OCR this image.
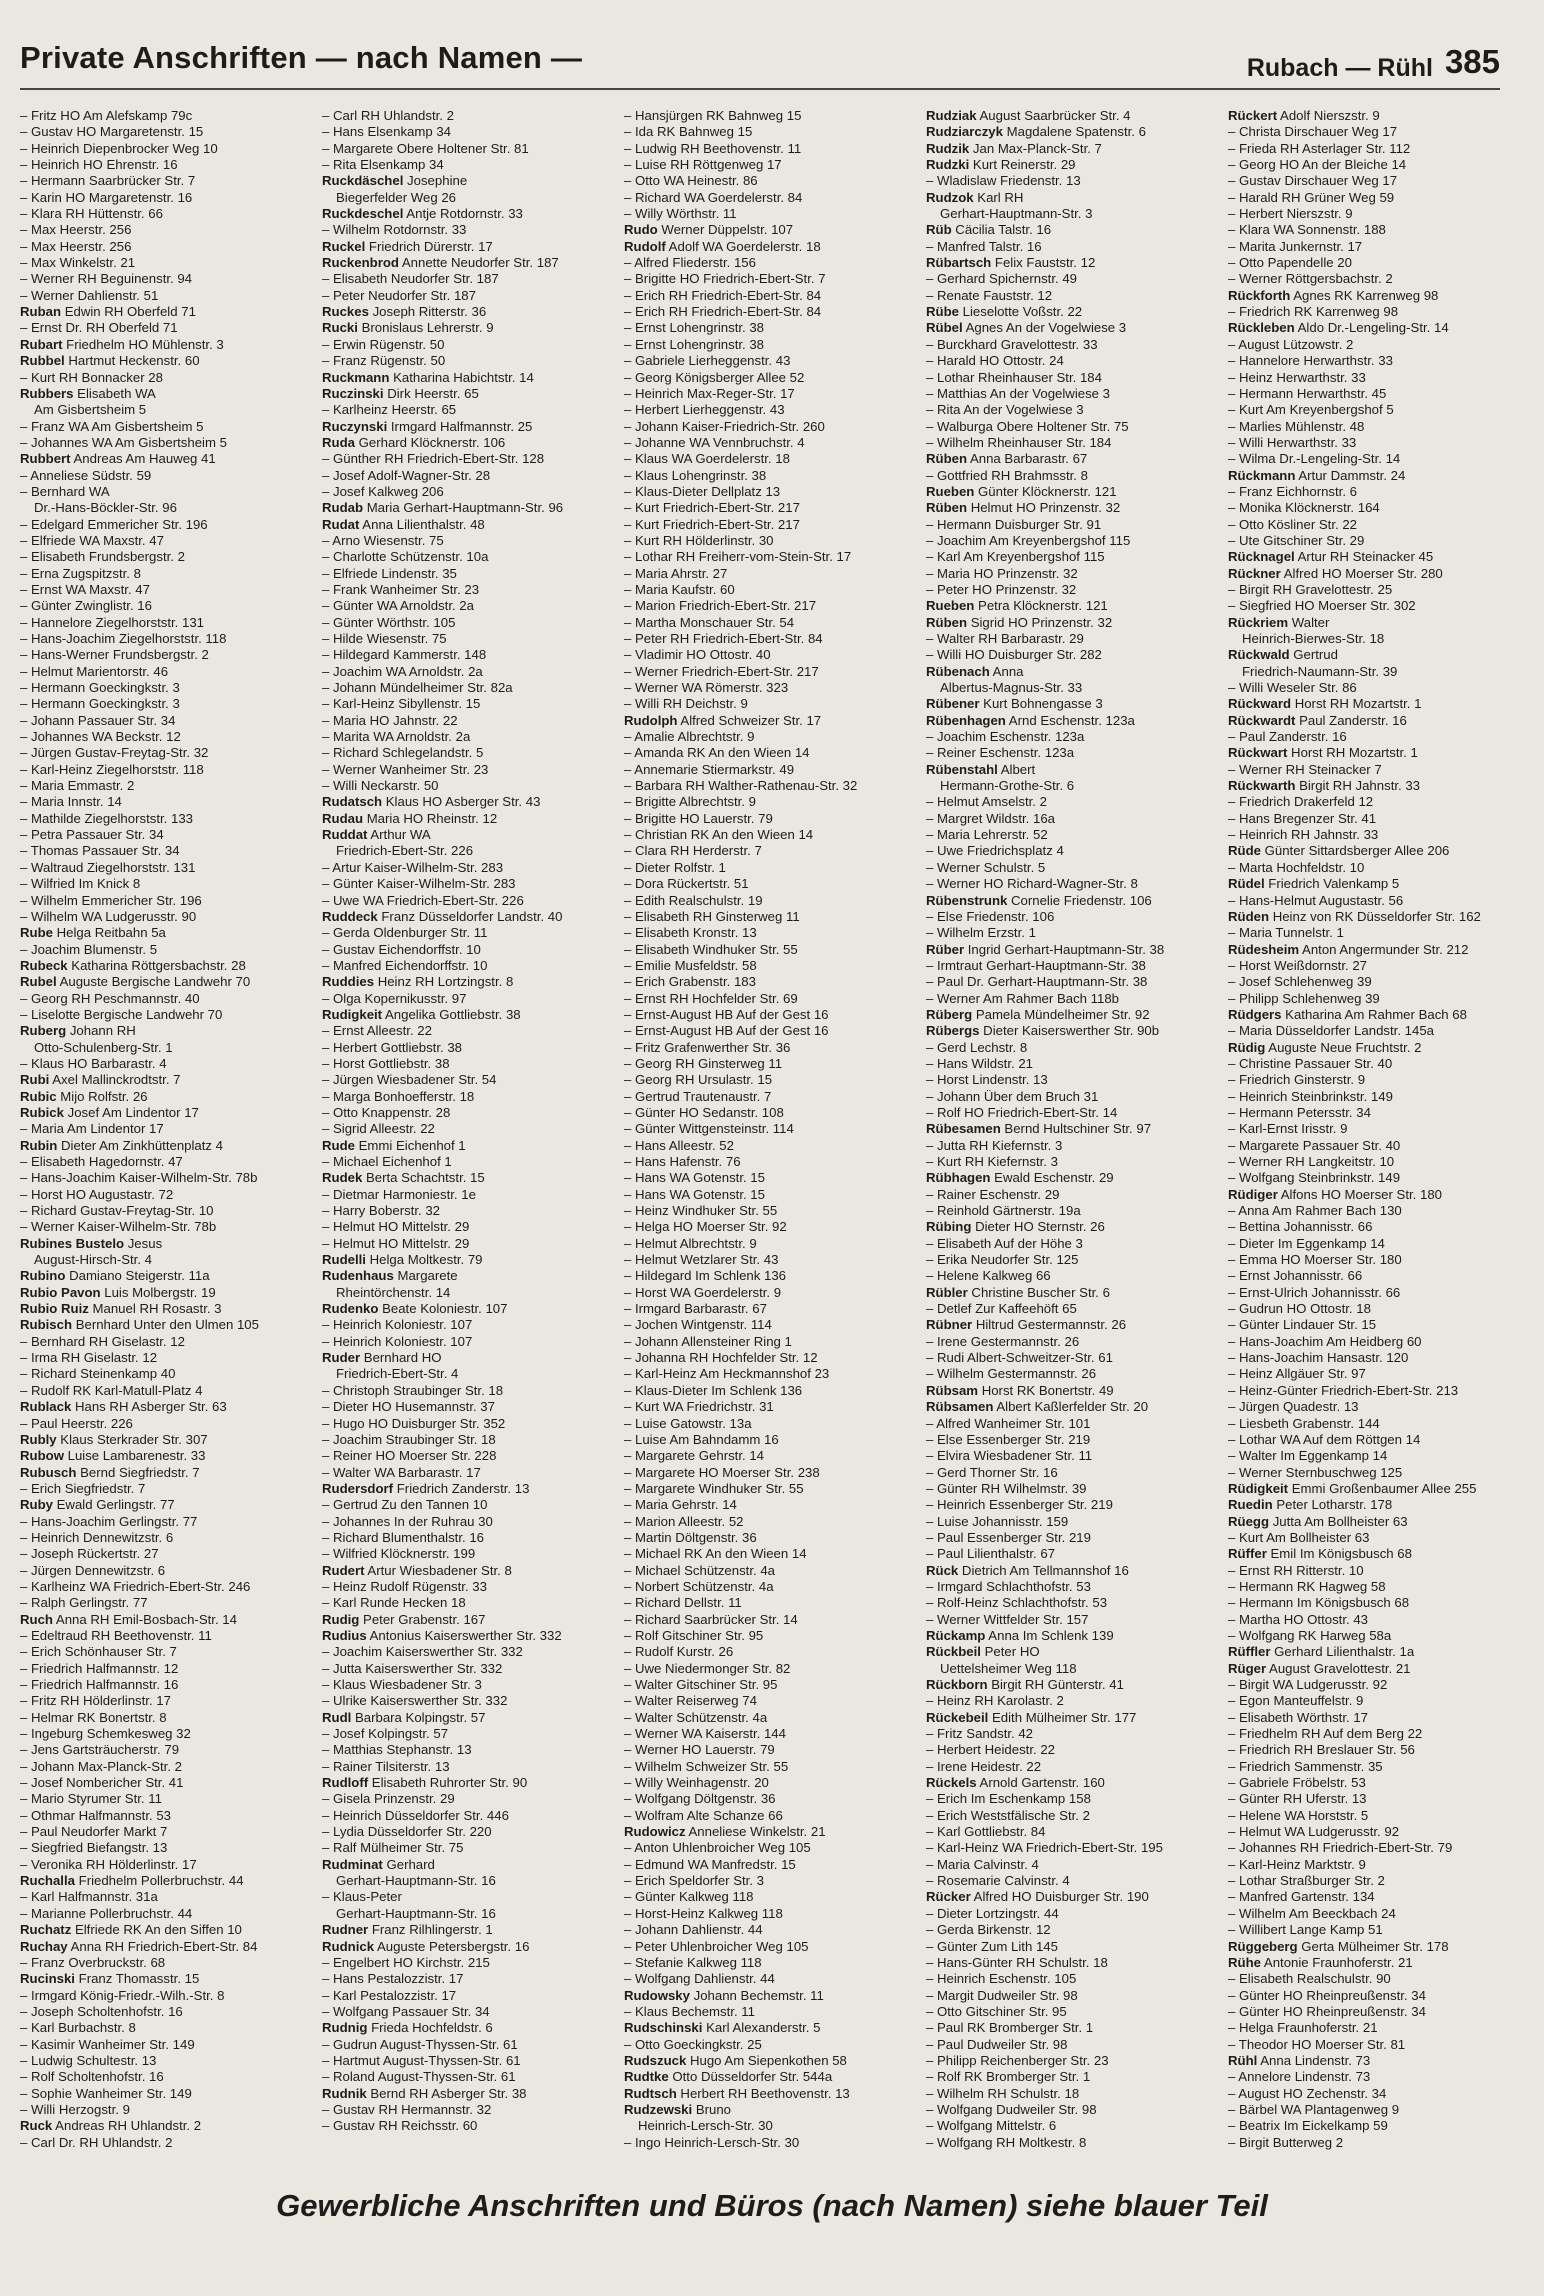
Private Anschriften — nach Namen —	Rubach — Rühl 385
– Fritz HO Am Alefskamp 79c
– Gustav HO Margaretenstr. 15
– Heinrich Diepenbrocker Weg 10
– Heinrich HO Ehrenstr. 16
– Hermann Saarbrücker Str. 7
– Karin HO Margaretenstr. 16
– Klara RH Hüttenstr. 66
– Max Heerstr. 256
– Max Heerstr. 256
– Max Winkelstr. 21
– Werner RH Beguinenstr. 94
– Werner Dahlienstr. 51
Ruban Edwin RH Oberfeld 71
– Ernst Dr. RH Oberfeld 71
Rubart Friedhelm HO Mühlenstr. 3
Rubbel Hartmut Heckenstr. 60
– Kurt RH Bonnacker 28
Rubbers Elisabeth WA
Am Gisbertsheim 5
– Franz WA Am Gisbertsheim 5
– Johannes WA Am Gisbertsheim 5
Rubbert Andreas Am Hauweg 41
– Anneliese Südstr. 59
– Bernhard WA
Dr.-Hans-Böckler-Str. 96
– Edelgard Emmericher Str. 196
– Elfriede WA Maxstr. 47
– Elisabeth Frundsbergstr. 2
– Erna Zugspitzstr. 8
– Ernst WA Maxstr. 47
– Günter Zwinglistr. 16
– Hannelore Ziegelhorststr. 131
– Hans-Joachim Ziegelhorststr. 118
– Hans-Werner Frundsbergstr. 2
– Helmut Marientorstr. 46
– Hermann Goeckingkstr. 3
– Hermann Goeckingkstr. 3
– Johann Passauer Str. 34
– Johannes WA Beckstr. 12
– Jürgen Gustav-Freytag-Str. 32
– Karl-Heinz Ziegelhorststr. 118
– Maria Emmastr. 2
– Maria Innstr. 14
– Mathilde Ziegelhorststr. 133
– Petra Passauer Str. 34
– Thomas Passauer Str. 34
– Waltraud Ziegelhorststr. 131
– Wilfried Im Knick 8
– Wilhelm Emmericher Str. 196
– Wilhelm WA Ludgerusstr. 90
Rube Helga Reitbahn 5a
– Joachim Blumenstr. 5
Rubeck Katharina Röttgersbachstr. 28
Rubel Auguste Bergische Landwehr 70
– Georg RH Peschmannstr. 40
– Liselotte Bergische Landwehr 70
Ruberg Johann RH
Otto-Schulenberg-Str. 1
– Klaus HO Barbarastr. 4
Rubi Axel Mallinckrodtstr. 7
Rubic Mijo Rolfstr. 26
Rubick Josef Am Lindentor 17
– Maria Am Lindentor 17
Rubin Dieter Am Zinkhüttenplatz 4
– Elisabeth Hagedornstr. 47
– Hans-Joachim Kaiser-Wilhelm-Str. 78b
– Horst HO Augustastr. 72
– Richard Gustav-Freytag-Str. 10
– Werner Kaiser-Wilhelm-Str. 78b
Rubines Bustelo Jesus
August-Hirsch-Str. 4
Rubino Damiano Steigerstr. 11a
Rubio Pavon Luis Molbergstr. 19
Rubio Ruiz Manuel RH Rosastr. 3
Rubisch Bernhard Unter den Ulmen 105
– Bernhard RH Giselastr. 12
– Irma RH Giselastr. 12
– Richard Steinenkamp 40
– Rudolf RK Karl-Matull-Platz 4
Rublack Hans RH Asberger Str. 63
– Paul Heerstr. 226
Rubly Klaus Sterkrader Str. 307
Rubow Luise Lambarenestr. 33
Rubusch Bernd Siegfriedstr. 7
– Erich Siegfriedstr. 7
Ruby Ewald Gerlingstr. 77
– Hans-Joachim Gerlingstr. 77
– Heinrich Dennewitzstr. 6
– Joseph Rückertstr. 27
– Jürgen Dennewitzstr. 6
– Karlheinz WA Friedrich-Ebert-Str. 246
– Ralph Gerlingstr. 77
Ruch Anna RH Emil-Bosbach-Str. 14
– Edeltraud RH Beethovenstr. 11
– Erich Schönhauser Str. 7
– Friedrich Halfmannstr. 12
– Friedrich Halfmannstr. 16
– Fritz RH Hölderlinstr. 17
– Helmar RK Bonertstr. 8
– Ingeburg Schemkesweg 32
– Jens Gartsträucherstr. 79
– Johann Max-Planck-Str. 2
– Josef Nombericher Str. 41
– Mario Styrumer Str. 11
– Othmar Halfmannstr. 53
– Paul Neudorfer Markt 7
– Siegfried Biefangstr. 13
– Veronika RH Hölderlinstr. 17
Ruchalla Friedhelm Pollerbruchstr. 44
– Karl Halfmannstr. 31a
– Marianne Pollerbruchstr. 44
Ruchatz Elfriede RK An den Siffen 10
Ruchay Anna RH Friedrich-Ebert-Str. 84
– Franz Overbruckstr. 68
Rucinski Franz Thomasstr. 15
– Irmgard König-Friedr.-Wilh.-Str. 8
– Joseph Scholtenhofstr. 16
– Karl Burbachstr. 8
– Kasimir Wanheimer Str. 149
– Ludwig Schultestr. 13
– Rolf Scholtenhofstr. 16
– Sophie Wanheimer Str. 149
– Willi Herzogstr. 9
Ruck Andreas RH Uhlandstr. 2
– Carl Dr. RH Uhlandstr. 2
– Carl RH Uhlandstr. 2
– Hans Elsenkamp 34
– Margarete Obere Holtener Str. 81
– Rita Elsenkamp 34
Ruckdäschel Josephine
Biegerfelder Weg 26
Ruckdeschel Antje Rotdornstr. 33
– Wilhelm Rotdornstr. 33
Ruckel Friedrich Dürerstr. 17
Ruckenbrod Annette Neudorfer Str. 187
– Elisabeth Neudorfer Str. 187
– Peter Neudorfer Str. 187
Ruckes Joseph Ritterstr. 36
Rucki Bronislaus Lehrerstr. 9
– Erwin Rügenstr. 50
– Franz Rügenstr. 50
Ruckmann Katharina Habichtstr. 14
Ruczinski Dirk Heerstr. 65
– Karlheinz Heerstr. 65
Ruczynski Irmgard Halfmannstr. 25
Ruda Gerhard Klöcknerstr. 106
– Günther RH Friedrich-Ebert-Str. 128
– Josef Adolf-Wagner-Str. 28
– Josef Kalkweg 206
Rudab Maria Gerhart-Hauptmann-Str. 96
Rudat Anna Lilienthalstr. 48
– Arno Wiesenstr. 75
– Charlotte Schützenstr. 10a
– Elfriede Lindenstr. 35
– Frank Wanheimer Str. 23
– Günter WA Arnoldstr. 2a
– Günter Wörthstr. 105
– Hilde Wiesenstr. 75
– Hildegard Kammerstr. 148
– Joachim WA Arnoldstr. 2a
– Johann Mündelheimer Str. 82a
– Karl-Heinz Sibyllenstr. 15
– Maria HO Jahnstr. 22
– Marita WA Arnoldstr. 2a
– Richard Schlegelandstr. 5
– Werner Wanheimer Str. 23
– Willi Neckarstr. 50
Rudatsch Klaus HO Asberger Str. 43
Rudau Maria HO Rheinstr. 12
Ruddat Arthur WA
Friedrich-Ebert-Str. 226
– Artur Kaiser-Wilhelm-Str. 283
– Günter Kaiser-Wilhelm-Str. 283
– Uwe WA Friedrich-Ebert-Str. 226
Ruddeck Franz Düsseldorfer Landstr. 40
– Gerda Oldenburger Str. 11
– Gustav Eichendorffstr. 10
– Manfred Eichendorffstr. 10
Ruddies Heinz RH Lortzingstr. 8
– Olga Kopernikusstr. 97
Rudigkeit Angelika Gottliebstr. 38
– Ernst Alleestr. 22
– Herbert Gottliebstr. 38
– Horst Gottliebstr. 38
– Jürgen Wiesbadener Str. 54
– Marga Bonhoefferstr. 18
– Otto Knappenstr. 28
– Sigrid Alleestr. 22
Rude Emmi Eichenhof 1
– Michael Eichenhof 1
Rudek Berta Schachtstr. 15
– Dietmar Harmoniestr. 1e
– Harry Boberstr. 32
– Helmut HO Mittelstr. 29
– Helmut HO Mittelstr. 29
Rudelli Helga Moltkestr. 79
Rudenhaus Margarete
Rheintörchenstr. 14
Rudenko Beate Koloniestr. 107
– Heinrich Koloniestr. 107
– Heinrich Koloniestr. 107
Ruder Bernhard HO
Friedrich-Ebert-Str. 4
– Christoph Straubinger Str. 18
– Dieter HO Husemannstr. 37
– Hugo HO Duisburger Str. 352
– Joachim Straubinger Str. 18
– Reiner HO Moerser Str. 228
– Walter WA Barbarastr. 17
Rudersdorf Friedrich Zanderstr. 13
– Gertrud Zu den Tannen 10
– Johannes In der Ruhrau 30
– Richard Blumenthalstr. 16
– Wilfried Klöcknerstr. 199
Rudert Artur Wiesbadener Str. 8
– Heinz Rudolf Rügenstr. 33
– Karl Runde Hecken 18
Rudig Peter Grabenstr. 167
Rudius Antonius Kaiserswerther Str. 332
– Joachim Kaiserswerther Str. 332
– Jutta Kaiserswerther Str. 332
– Klaus Wiesbadener Str. 3
– Ulrike Kaiserswerther Str. 332
Rudl Barbara Kolpingstr. 57
– Josef Kolpingstr. 57
– Matthias Stephanstr. 13
– Rainer Tilsiterstr. 13
Rudloff Elisabeth Ruhrorter Str. 90
– Gisela Prinzenstr. 29
– Heinrich Düsseldorfer Str. 446
– Lydia Düsseldorfer Str. 220
– Ralf Mülheimer Str. 75
Rudminat Gerhard
Gerhart-Hauptmann-Str. 16
– Klaus-Peter
Gerhart-Hauptmann-Str. 16
Rudner Franz Rilhlingerstr. 1
Rudnick Auguste Petersbergstr. 16
– Engelbert HO Kirchstr. 215
– Hans Pestalozzistr. 17
– Karl Pestalozzistr. 17
– Wolfgang Passauer Str. 34
Rudnig Frieda Hochfeldstr. 6
– Gudrun August-Thyssen-Str. 61
– Hartmut August-Thyssen-Str. 61
– Roland August-Thyssen-Str. 61
Rudnik Bernd RH Asberger Str. 38
– Gustav RH Hermannstr. 32
– Gustav RH Reichsstr. 60
– Hansjürgen RK Bahnweg 15
– Ida RK Bahnweg 15
– Ludwig RH Beethovenstr. 11
– Luise RH Röttgenweg 17
– Otto WA Heinestr. 86
– Richard WA Goerdelerstr. 84
– Willy Wörthstr. 11
Rudo Werner Düppelstr. 107
Rudolf Adolf WA Goerdelerstr. 18
– Alfred Fliederstr. 156
– Brigitte HO Friedrich-Ebert-Str. 7
– Erich RH Friedrich-Ebert-Str. 84
– Erich RH Friedrich-Ebert-Str. 84
– Ernst Lohengrinstr. 38
– Ernst Lohengrinstr. 38
– Gabriele Lierheggenstr. 43
– Georg Königsberger Allee 52
– Heinrich Max-Reger-Str. 17
– Herbert Lierheggenstr. 43
– Johann Kaiser-Friedrich-Str. 260
– Johanne WA Vennbruchstr. 4
– Klaus WA Goerdelerstr. 18
– Klaus Lohengrinstr. 38
– Klaus-Dieter Dellplatz 13
– Kurt Friedrich-Ebert-Str. 217
– Kurt Friedrich-Ebert-Str. 217
– Kurt RH Hölderlinstr. 30
– Lothar RH Freiherr-vom-Stein-Str. 17
– Maria Ahrstr. 27
– Maria Kaufstr. 60
– Marion Friedrich-Ebert-Str. 217
– Martha Monschauer Str. 54
– Peter RH Friedrich-Ebert-Str. 84
– Vladimir HO Ottostr. 40
– Werner Friedrich-Ebert-Str. 217
– Werner WA Römerstr. 323
– Willi RH Deichstr. 9
Rudolph Alfred Schweizer Str. 17
– Amalie Albrechtstr. 9
– Amanda RK An den Wieen 14
– Annemarie Stiermarkstr. 49
– Barbara RH Walther-Rathenau-Str. 32
– Brigitte Albrechtstr. 9
– Brigitte HO Lauerstr. 79
– Christian RK An den Wieen 14
– Clara RH Herderstr. 7
– Dieter Rolfstr. 1
– Dora Rückertstr. 51
– Edith Realschulstr. 19
– Elisabeth RH Ginsterweg 11
– Elisabeth Kronstr. 13
– Elisabeth Windhuker Str. 55
– Emilie Musfeldstr. 58
– Erich Grabenstr. 183
– Ernst RH Hochfelder Str. 69
– Ernst-August HB Auf der Gest 16
– Ernst-August HB Auf der Gest 16
– Fritz Grafenwerther Str. 36
– Georg RH Ginsterweg 11
– Georg RH Ursulastr. 15
– Gertrud Trautenaustr. 7
– Günter HO Sedanstr. 108
– Günter Wittgensteinstr. 114
– Hans Alleestr. 52
– Hans Hafenstr. 76
– Hans WA Gotenstr. 15
– Hans WA Gotenstr. 15
– Heinz Windhuker Str. 55
– Helga HO Moerser Str. 92
– Helmut Albrechtstr. 9
– Helmut Wetzlarer Str. 43
– Hildegard Im Schlenk 136
– Horst WA Goerdelerstr. 9
– Irmgard Barbarastr. 67
– Jochen Wintgenstr. 114
– Johann Allensteiner Ring 1
– Johanna RH Hochfelder Str. 12
– Karl-Heinz Am Heckmannshof 23
– Klaus-Dieter Im Schlenk 136
– Kurt WA Friedrichstr. 31
– Luise Gatowstr. 13a
– Luise Am Bahndamm 16
– Margarete Gehrstr. 14
– Margarete HO Moerser Str. 238
– Margarete Windhuker Str. 55
– Maria Gehrstr. 14
– Marion Alleestr. 52
– Martin Döltgenstr. 36
– Michael RK An den Wieen 14
– Michael Schützenstr. 4a
– Norbert Schützenstr. 4a
– Richard Dellstr. 11
– Richard Saarbrücker Str. 14
– Rolf Gitschiner Str. 95
– Rudolf Kurstr. 26
– Uwe Niedermonger Str. 82
– Walter Gitschiner Str. 95
– Walter Reiserweg 74
– Walter Schützenstr. 4a
– Werner WA Kaiserstr. 144
– Werner HO Lauerstr. 79
– Wilhelm Schweizer Str. 55
– Willy Weinhagenstr. 20
– Wolfgang Döltgenstr. 36
– Wolfram Alte Schanze 66
Rudowicz Anneliese Winkelstr. 21
– Anton Uhlenbroicher Weg 105
– Edmund WA Manfredstr. 15
– Erich Speldorfer Str. 3
– Günter Kalkweg 118
– Horst-Heinz Kalkweg 118
– Johann Dahlienstr. 44
– Peter Uhlenbroicher Weg 105
– Stefanie Kalkweg 118
– Wolfgang Dahlienstr. 44
Rudowsky Johann Bechemstr. 11
– Klaus Bechemstr. 11
Rudschinski Karl Alexanderstr. 5
– Otto Goeckingkstr. 25
Rudszuck Hugo Am Siepenkothen 58
Rudtke Otto Düsseldorfer Str. 544a
Rudtsch Herbert RH Beethovenstr. 13
Rudzewski Bruno
Heinrich-Lersch-Str. 30
– Ingo Heinrich-Lersch-Str. 30
Rudziak August Saarbrücker Str. 4
Rudziarczyk Magdalene Spatenstr. 6
Rudzik Jan Max-Planck-Str. 7
Rudzki Kurt Reinerstr. 29
– Wladislaw Friedenstr. 13
Rudzok Karl RH
Gerhart-Hauptmann-Str. 3
Rüb Cäcilia Talstr. 16
– Manfred Talstr. 16
Rübartsch Felix Fauststr. 12
– Gerhard Spichernstr. 49
– Renate Fauststr. 12
Rübe Lieselotte Voßstr. 22
Rübel Agnes An der Vogelwiese 3
– Burckhard Gravelottestr. 33
– Harald HO Ottostr. 24
– Lothar Rheinhauser Str. 184
– Matthias An der Vogelwiese 3
– Rita An der Vogelwiese 3
– Walburga Obere Holtener Str. 75
– Wilhelm Rheinhauser Str. 184
Rüben Anna Barbarastr. 67
– Gottfried RH Brahmsstr. 8
Rueben Günter Klöcknerstr. 121
Rüben Helmut HO Prinzenstr. 32
– Hermann Duisburger Str. 91
– Joachim Am Kreyenbergshof 115
– Karl Am Kreyenbergshof 115
– Maria HO Prinzenstr. 32
– Peter HO Prinzenstr. 32
Rueben Petra Klöcknerstr. 121
Rüben Sigrid HO Prinzenstr. 32
– Walter RH Barbarastr. 29
– Willi HO Duisburger Str. 282
Rübenach Anna
Albertus-Magnus-Str. 33
Rübener Kurt Bohnengasse 3
Rübenhagen Arnd Eschenstr. 123a
– Joachim Eschenstr. 123a
– Reiner Eschenstr. 123a
Rübenstahl Albert
Hermann-Grothe-Str. 6
– Helmut Amselstr. 2
– Margret Wildstr. 16a
– Maria Lehrerstr. 52
– Uwe Friedrichsplatz 4
– Werner Schulstr. 5
– Werner HO Richard-Wagner-Str. 8
Rübenstrunk Cornelie Friedenstr. 106
– Else Friedenstr. 106
– Wilhelm Erzstr. 1
Rüber Ingrid Gerhart-Hauptmann-Str. 38
– Irmtraut Gerhart-Hauptmann-Str. 38
– Paul Dr. Gerhart-Hauptmann-Str. 38
– Werner Am Rahmer Bach 118b
Rüberg Pamela Mündelheimer Str. 92
Rübergs Dieter Kaiserswerther Str. 90b
– Gerd Lechstr. 8
– Hans Wildstr. 21
– Horst Lindenstr. 13
– Johann Über dem Bruch 31
– Rolf HO Friedrich-Ebert-Str. 14
Rübesamen Bernd Hultschiner Str. 97
– Jutta RH Kiefernstr. 3
– Kurt RH Kiefernstr. 3
Rübhagen Ewald Eschenstr. 29
– Rainer Eschenstr. 29
– Reinhold Gärtnerstr. 19a
Rübing Dieter HO Sternstr. 26
– Elisabeth Auf der Höhe 3
– Erika Neudorfer Str. 125
– Helene Kalkweg 66
Rübler Christine Buscher Str. 6
– Detlef Zur Kaffeehöft 65
Rübner Hiltrud Gestermannstr. 26
– Irene Gestermannstr. 26
– Rudi Albert-Schweitzer-Str. 61
– Wilhelm Gestermannstr. 26
Rübsam Horst RK Bonertstr. 49
Rübsamen Albert Kaßlerfelder Str. 20
– Alfred Wanheimer Str. 101
– Else Essenberger Str. 219
– Elvira Wiesbadener Str. 11
– Gerd Thorner Str. 16
– Günter RH Wilhelmstr. 39
– Heinrich Essenberger Str. 219
– Luise Johannisstr. 159
– Paul Essenberger Str. 219
– Paul Lilienthalstr. 67
Rück Dietrich Am Tellmannshof 16
– Irmgard Schlachthofstr. 53
– Rolf-Heinz Schlachthofstr. 53
– Werner Wittfelder Str. 157
Rückamp Anna Im Schlenk 139
Rückbeil Peter HO
Uettelsheimer Weg 118
Rückborn Birgit RH Günterstr. 41
– Heinz RH Karolastr. 2
Rückebeil Edith Mülheimer Str. 177
– Fritz Sandstr. 42
– Herbert Heidestr. 22
– Irene Heidestr. 22
Rückels Arnold Gartenstr. 160
– Erich Im Eschenkamp 158
– Erich Weststfälische Str. 2
– Karl Gottliebstr. 84
– Karl-Heinz WA Friedrich-Ebert-Str. 195
– Maria Calvinstr. 4
– Rosemarie Calvinstr. 4
Rücker Alfred HO Duisburger Str. 190
– Dieter Lortzingstr. 44
– Gerda Birkenstr. 12
– Günter Zum Lith 145
– Hans-Günter RH Schulstr. 18
– Heinrich Eschenstr. 105
– Margit Dudweiler Str. 98
– Otto Gitschiner Str. 95
– Paul RK Bromberger Str. 1
– Paul Dudweiler Str. 98
– Philipp Reichenberger Str. 23
– Rolf RK Bromberger Str. 1
– Wilhelm RH Schulstr. 18
– Wolfgang Dudweiler Str. 98
– Wolfgang Mittelstr. 6
– Wolfgang RH Moltkestr. 8
Rückert Adolf Nierszstr. 9
– Christa Dirschauer Weg 17
– Frieda RH Asterlager Str. 112
– Georg HO An der Bleiche 14
– Gustav Dirschauer Weg 17
– Harald RH Grüner Weg 59
– Herbert Nierszstr. 9
– Klara WA Sonnenstr. 188
– Marita Junkernstr. 17
– Otto Papendelle 20
– Werner Röttgersbachstr. 2
Rückforth Agnes RK Karrenweg 98
– Friedrich RK Karrenweg 98
Rückleben Aldo Dr.-Lengeling-Str. 14
– August Lützowstr. 2
– Hannelore Herwarthstr. 33
– Heinz Herwarthstr. 33
– Hermann Herwarthstr. 45
– Kurt Am Kreyenbergshof 5
– Marlies Mühlenstr. 48
– Willi Herwarthstr. 33
– Wilma Dr.-Lengeling-Str. 14
Rückmann Artur Dammstr. 24
– Franz Eichhornstr. 6
– Monika Klöcknerstr. 164
– Otto Kösliner Str. 22
– Ute Gitschiner Str. 29
Rücknagel Artur RH Steinacker 45
Rückner Alfred HO Moerser Str. 280
– Birgit RH Gravelottestr. 25
– Siegfried HO Moerser Str. 302
Rückriem Walter
Heinrich-Bierwes-Str. 18
Rückwald Gertrud
Friedrich-Naumann-Str. 39
– Willi Weseler Str. 86
Rückward Horst RH Mozartstr. 1
Rückwardt Paul Zanderstr. 16
– Paul Zanderstr. 16
Rückwart Horst RH Mozartstr. 1
– Werner RH Steinacker 7
Rückwarth Birgit RH Jahnstr. 33
– Friedrich Drakerfeld 12
– Hans Bregenzer Str. 41
– Heinrich RH Jahnstr. 33
Rüde Günter Sittardsberger Allee 206
– Marta Hochfeldstr. 10
Rüdel Friedrich Valenkamp 5
– Hans-Helmut Augustastr. 56
Rüden Heinz von RK Düsseldorfer Str. 162
– Maria Tunnelstr. 1
Rüdesheim Anton Angermunder Str. 212
– Horst Weißdornstr. 27
– Josef Schlehenweg 39
– Philipp Schlehenweg 39
Rüdgers Katharina Am Rahmer Bach 68
– Maria Düsseldorfer Landstr. 145a
Rüdig Auguste Neue Fruchtstr. 2
– Christine Passauer Str. 40
– Friedrich Ginsterstr. 9
– Heinrich Steinbrinkstr. 149
– Hermann Petersstr. 34
– Karl-Ernst Irisstr. 9
– Margarete Passauer Str. 40
– Werner RH Langkeitstr. 10
– Wolfgang Steinbrinkstr. 149
Rüdiger Alfons HO Moerser Str. 180
– Anna Am Rahmer Bach 130
– Bettina Johannisstr. 66
– Dieter Im Eggenkamp 14
– Emma HO Moerser Str. 180
– Ernst Johannisstr. 66
– Ernst-Ulrich Johannisstr. 66
– Gudrun HO Ottostr. 18
– Günter Lindauer Str. 15
– Hans-Joachim Am Heidberg 60
– Hans-Joachim Hansastr. 120
– Heinz Allgäuer Str. 97
– Heinz-Günter Friedrich-Ebert-Str. 213
– Jürgen Quadestr. 13
– Liesbeth Grabenstr. 144
– Lothar WA Auf dem Röttgen 14
– Walter Im Eggenkamp 14
– Werner Sternbuschweg 125
Rüdigkeit Emmi Großenbaumer Allee 255
Ruedin Peter Lotharstr. 178
Rüegg Jutta Am Bollheister 63
– Kurt Am Bollheister 63
Rüffer Emil Im Königsbusch 68
– Ernst RH Ritterstr. 10
– Hermann RK Hagweg 58
– Hermann Im Königsbusch 68
– Martha HO Ottostr. 43
– Wolfgang RK Harweg 58a
Rüffler Gerhard Lilienthalstr. 1a
Rüger August Gravelottestr. 21
– Birgit WA Ludgerusstr. 92
– Egon Manteuffelstr. 9
– Elisabeth Wörthstr. 17
– Friedhelm RH Auf dem Berg 22
– Friedrich RH Breslauer Str. 56
– Friedrich Sammenstr. 35
– Gabriele Fröbelstr. 53
– Günter RH Uferstr. 13
– Helene WA Horststr. 5
– Helmut WA Ludgerusstr. 92
– Johannes RH Friedrich-Ebert-Str. 79
– Karl-Heinz Marktstr. 9
– Lothar Straßburger Str. 2
– Manfred Gartenstr. 134
– Wilhelm Am Beeckbach 24
– Willibert Lange Kamp 51
Rüggeberg Gerta Mülheimer Str. 178
Rühe Antonie Fraunhoferstr. 21
– Elisabeth Realschulstr. 90
– Günter HO Rheinpreußenstr. 34
– Günter HO Rheinpreußenstr. 34
– Helga Fraunhoferstr. 21
– Theodor HO Moerser Str. 81
Rühl Anna Lindenstr. 73
– Annelore Lindenstr. 73
– August HO Zechenstr. 34
– Bärbel WA Plantagenweg 9
– Beatrix Im Eickelkamp 59
– Birgit Butterweg 2
Gewerbliche Anschriften und Büros (nach Namen) siehe blauer Teil
